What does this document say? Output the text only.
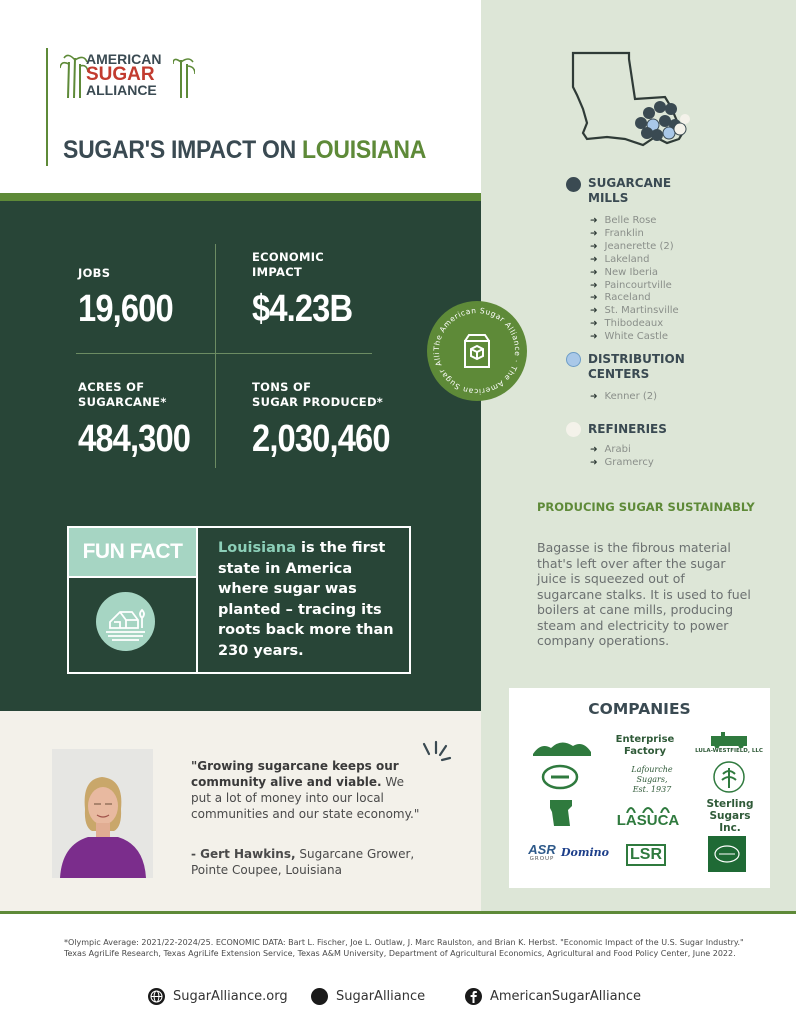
AMERICAN
SUGAR
ALLIANCE
SUGAR'S IMPACT ON LOUISIANA
JOBS
19,600
ECONOMIC
IMPACT
$4.23B
ACRES OF
SUGARCANE*
484,300
TONS OF
SUGAR PRODUCED*
2,030,460
The American Sugar Alliance · The American Sugar Alli
FUN FACT	Louisiana is the first state in America where sugar was planted – tracing its roots back more than 230 years.
"Growing sugarcane keeps our community alive and viable. We put a lot of money into our local communities and our state economy."
- Gert Hawkins, Sugarcane Grower, Pointe Coupee, Louisiana
SUGARCANE
MILLS
➜ Belle Rose
➜ Franklin
➜ Jeanerette (2)
➜ Lakeland
➜ New Iberia
➜ Paincourtville
➜ Raceland
➜ St. Martinsville
➜ Thibodeaux
➜ White Castle
DISTRIBUTION
CENTERS
➜ Kenner (2)
REFINERIES
➜ Arabi
➜ Gramercy
PRODUCING SUGAR SUSTAINABLY
Bagasse is the fibrous material that's left over after the sugar juice is squeezed out of sugarcane stalks. It is used to fuel boilers at cane mills, producing steam and electricity to power company operations.
COMPANIES
Enterprise
Factory	LULA-WESTFIELD, LLC
Lafourche Sugars,
Est. 1937
LASUCA
Sterling
Sugars Inc.
ASR
GROUP Domino LSR
*Olympic Average: 2021/22-2024/25. ECONOMIC DATA: Bart L. Fischer, Joe L. Outlaw, J. Marc Raulston, and Brian K. Herbst. "Economic Impact of the U.S. Sugar Industry." Texas AgriLife Research, Texas AgriLife Extension Service, Texas A&M University, Department of Agricultural Economics, Agricultural and Food Policy Center, June 2022.
SugarAlliance.org	SugarAlliance	AmericanSugarAlliance
